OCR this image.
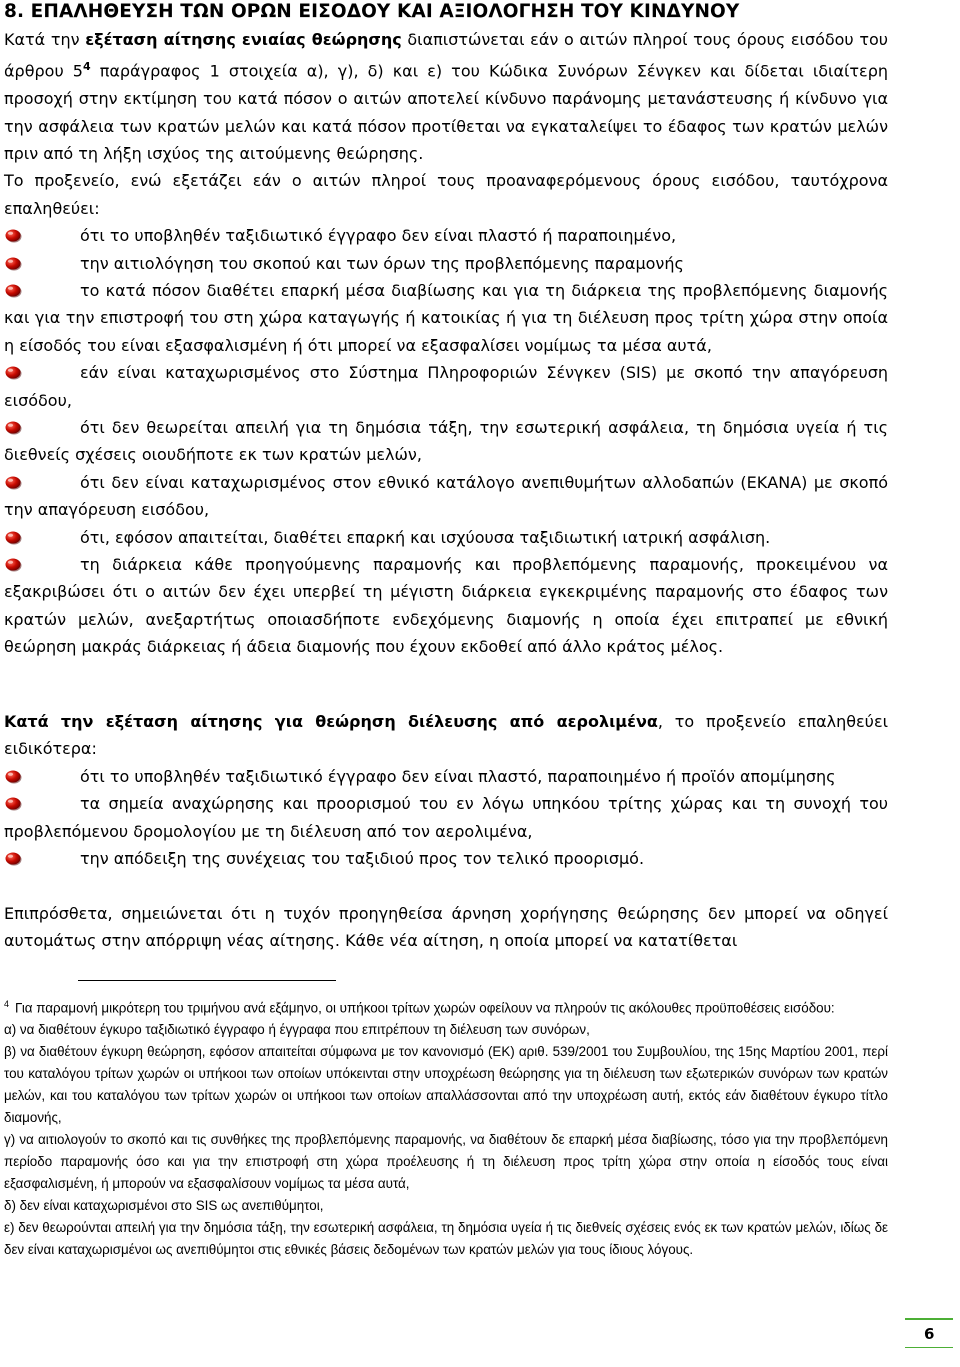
8. ΕΠΑΛΗΘΕΥΣΗ ΤΩΝ ΟΡΩΝ ΕΙΣΟΔΟΥ ΚΑΙ ΑΞΙΟΛΟΓΗΣΗ ΤΟΥ ΚΙΝΔΥΝΟΥ

Κατά την εξέταση αίτησης ενιαίας θεώρησης διαπιστώνεται εάν ο αιτών πληροί τους όρους εισόδου του άρθρου $5^4$ παράγραφος 1 στοιχεία α), γ), δ) και ε) του Κώδικα Συνόρων Σένγκεν και δίδεται ιδιαίτερη προσοχή στην εκτίμηση του κατά πόσον ο αιτών αποτελεί κίνδυνο παράνομης μετανάστευσης ή κίνδυνο για την ασφάλεια των κρατών μελών και κατά πόσον προτίθεται να εγκαταλείψει το έδαφος των κρατών μελών πριν από τη λήξη ισχύος της αιτούμενης θεώρησης.

Το προξενείο, ενώ εξετάζει εάν ο αιτών πληροί τους προαναφερόμενους όρους εισόδου, ταυτόχρονα επαληθεύει:

ότι το υποβληθέν ταξιδιωτικό έγγραφο δεν είναι πλαστό ή παραποιημένο,

την αιτιολόγηση του σκοπού και των όρων της προβλεπόμενης παραμονής

το κατά πόσον διαθέτει επαρκή μέσα διαβίωσης και για τη διάρκεια της προβλεπόμενης διαμονής και για την επιστροφή του στη χώρα καταγωγής ή κατοικίας ή για τη διέλευση προς τρίτη χώρα στην οποία η είσοδός του είναι εξασφαλισμένη ή ότι μπορεί να εξασφαλίσει νομίμως τα μέσα αυτά,

εάν είναι καταχωρισμένος στο Σύστημα Πληροφοριών Σένγκεν (SIS) με σκοπό την απαγόρευση εισόδου,

ότι δεν θεωρείται απειλή για τη δημόσια τάξη, την εσωτερική ασφάλεια, τη δημόσια υγεία ή τις διεθνείς σχέσεις οιουδήποτε εκ των κρατών μελών,

ότι δεν είναι καταχωρισμένος στον εθνικό κατάλογο ανεπιθυμήτων αλλοδαπών (ΕΚΑΝΑ) με σκοπό την απαγόρευση εισόδου,

ότι, εφόσον απαιτείται, διαθέτει επαρκή και ισχύουσα ταξιδιωτική ιατρική ασφάλιση.

τη διάρκεια κάθε προηγούμενης παραμονής και προβλεπόμενης παραμονής, προκειμένου να εξακριβώσει ότι ο αιτών δεν έχει υπερβεί τη μέγιστη διάρκεια εγκεκριμένης παραμονής στο έδαφος των κρατών μελών, ανεξαρτήτως οποιασδήποτε ενδεχόμενης διαμονής η οποία έχει επιτραπεί με εθνική θεώρηση μακράς διάρκειας ή άδεια διαμονής που έχουν εκδοθεί από άλλο κράτος μέλος.

Κατά την εξέταση αίτησης για θεώρηση διέλευσης από αερολιμένα, το προξενείο επαληθεύει ειδικότερα:

ότι το υποβληθέν ταξιδιωτικό έγγραφο δεν είναι πλαστό, παραποιημένο ή προϊόν απομίμησης

τα σημεία αναχώρησης και προορισμού του εν λόγω υπηκόου τρίτης χώρας και τη συνοχή του προβλεπόμενου δρομολογίου με τη διέλευση από τον αερολιμένα,

την απόδειξη της συνέχειας του ταξιδιού προς τον τελικό προορισμό.

Επιπρόσθετα, σημειώνεται ότι η τυχόν προηγηθείσα άρνηση χορήγησης θεώρησης δεν μπορεί να οδηγεί αυτομάτως στην απόρριψη νέας αίτησης. Κάθε νέα αίτηση, η οποία μπορεί να κατατίθεται

$^4$ Για παραμονή μικρότερη του τριμήνου ανά εξάμηνο, οι υπήκοοι τρίτων χωρών οφείλουν να πληρούν τις ακόλουθες προϋποθέσεις εισόδου:

α) να διαθέτουν έγκυρο ταξιδιωτικό έγγραφο ή έγγραφα που επιτρέπουν τη διέλευση των συνόρων,

β) να διαθέτουν έγκυρη θεώρηση, εφόσον απαιτείται σύμφωνα με τον κανονισμό (ΕΚ) αριθ. 539/2001 του Συμβουλίου, της 15ης Μαρτίου 2001, περί του καταλόγου τρίτων χωρών οι υπήκοοι των οποίων υπόκεινται στην υποχρέωση θεώρησης για τη διέλευση των εξωτερικών συνόρων των κρατών μελών, και του καταλόγου των τρίτων χωρών οι υπήκοοι των οποίων απαλλάσσονται από την υποχρέωση αυτή, εκτός εάν διαθέτουν έγκυρο τίτλο διαμονής,

γ) να αιτιολογούν το σκοπό και τις συνθήκες της προβλεπόμενης παραμονής, να διαθέτουν δε επαρκή μέσα διαβίωσης, τόσο για την προβλεπόμενη περίοδο παραμονής όσο και για την επιστροφή στη χώρα προέλευσης ή τη διέλευση προς τρίτη χώρα στην οποία η είσοδός τους είναι εξασφαλισμένη, ή μπορούν να εξασφαλίσουν νομίμως τα μέσα αυτά,

δ) δεν είναι καταχωρισμένοι στο SIS ως ανεπιθύμητοι,

ε) δεν θεωρούνται απειλή για την δημόσια τάξη, την εσωτερική ασφάλεια, τη δημόσια υγεία ή τις διεθνείς σχέσεις ενός εκ των κρατών μελών, ιδίως δε δεν είναι καταχωρισμένοι ως ανεπιθύμητοι στις εθνικές βάσεις δεδομένων των κρατών μελών για τους ίδιους λόγους.

6
